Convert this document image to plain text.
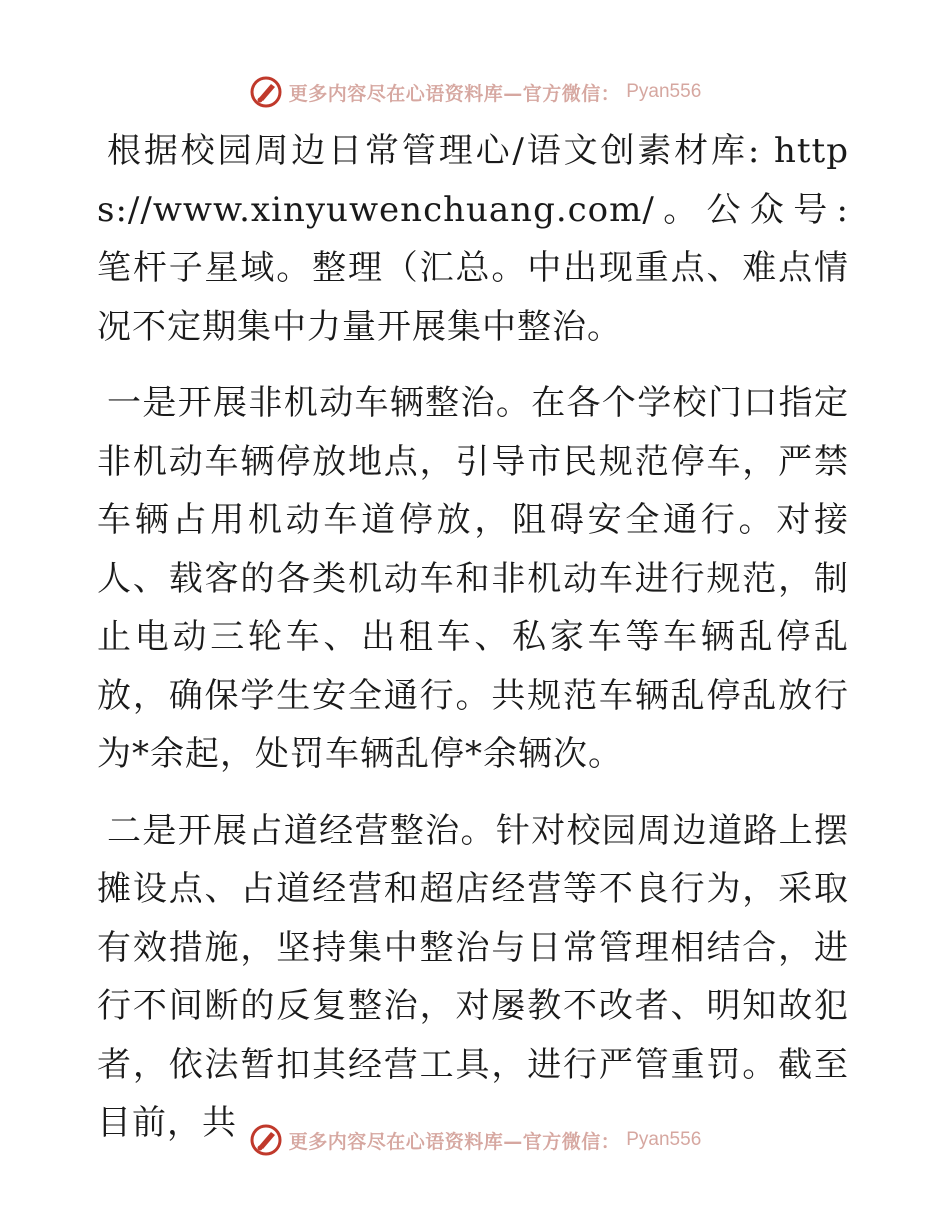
更多内容尽在心语资料库—官方微信： Pyan556

根据校园周边日常管理心/语文创素材库: https://www.xinyuwenchuang.com/。公众号: 笔杆子星域。整理（汇总。中出现重点、难点情况不定期集中力量开展集中整治。

一是开展非机动车辆整治。在各个学校门口指定非机动车辆停放地点，引导市民规范停车，严禁车辆占用机动车道停放，阻碍安全通行。对接人、载客的各类机动车和非机动车进行规范，制止电动三轮车、出租车、私家车等车辆乱停乱放，确保学生安全通行。共规范车辆乱停乱放行为*余起，处罚车辆乱停*余辆次。

二是开展占道经营整治。针对校园周边道路上摆摊设点、占道经营和超店经营等不良行为，采取有效措施，坚持集中整治与日常管理相结合，进行不间断的反复整治，对屡教不改者、明知故犯者，依法暂扣其经营工具，进行严管重罚。截至目前，共	更多内容尽在心语资料库—官方微信： Pyan556
